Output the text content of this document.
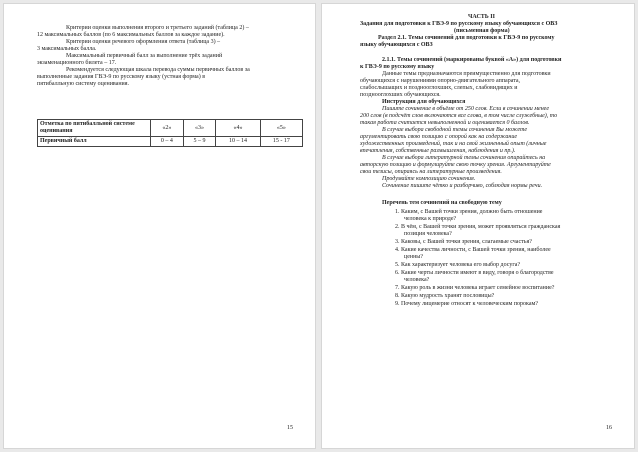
Критерии оценки выполнения второго и третьего заданий (таблица 2) –
12 максимальных баллов (по 6 максимальных баллов за каждое задание).
Критерии оценки речевого оформления ответа (таблица 3) –
3 максимальных балла.
Максимальный первичный балл за выполнение трёх заданий
экзаменационного билета – 17.
Рекомендуется следующая шкала перевода суммы первичных баллов за
выполненные задания ГВЭ-9 по русскому языку (устная форма) в
пятибалльную систему оценивания.
Отметка по пятибалльной системе оценивания	«2»	«3»	«4»	«5»
Первичный балл	0 – 4	5 – 9	10 – 14	15 - 17
15
ЧАСТЬ II
Задания для подготовки к ГВЭ-9 по русскому языку обучающихся с ОВЗ
(письменная форма)
Раздел 2.1. Темы сочинений для подготовки к ГВЭ-9 по русскому
языку обучающихся с ОВЗ
2.1.1. Темы сочинений (маркированы буквой «А») для подготовки
к ГВЭ-9 по русскому языку
Данные темы предназначаются преимущественно для подготовки
обучающихся с нарушениями опорно-двигательного аппарата,
слабослышащих и позднооглохших, слепых, слабовидящих и
позднооглохших обучающихся.
Инструкция для обучающихся
Пишите сочинение в объёме от 250 слов. Если в сочинении менее
200 слов (в подсчёт слов включаются все слова, в том числе служебные), то
такая работа считается невыполненной и оценивается 0 баллов.
В случае выбора свободной темы сочинения Вы можете
аргументировать свою позицию с опорой как на содержание
художественных произведений, так и на свой жизненный опыт (личные
впечатления, собственные размышления, наблюдения и пр.).
В случае выбора литературной темы сочинения опирайтесь на
авторскую позицию и формулируйте свою точку зрения. Аргументируйте
свои тезисы, опираясь на литературные произведения.
Продумайте композицию сочинения.
Сочинение пишите чётко и разборчиво, соблюдая нормы речи.
Перечень тем сочинений на свободную тему
1. Каким, с Вашей точки зрения, должно быть отношение
человека к природе?
2. В чём, с Вашей точки зрения, может проявляться гражданская
позиция человека?
3. Каковы, с Вашей точки зрения, слагаемые счастья?
4. Какие качества личности, с Вашей точки зрения, наиболее
ценны?
5. Как характеризует человека его выбор досуга?
6. Какие черты личности имеют в виду, говоря о благородстве
человека?
7. Какую роль в жизни человека играет семейное воспитание?
8. Какую мудрость хранят пословицы?
9. Почему лицемерие относят к человеческим порокам?
16
